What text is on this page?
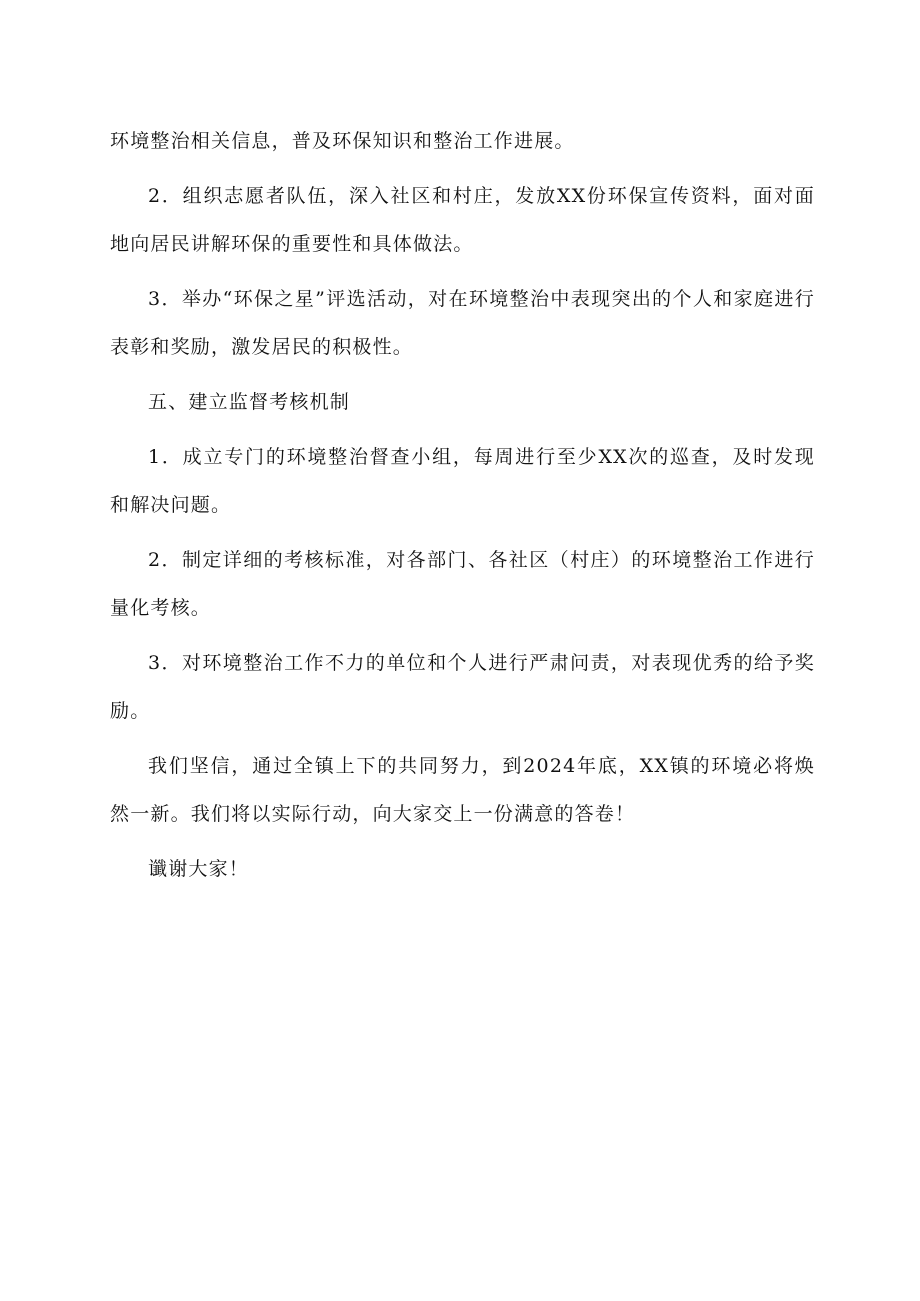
环境整治相关信息，普及环保知识和整治工作进展。

2．组织志愿者队伍，深入社区和村庄，发放XX份环保宣传资料，面对面地向居民讲解环保的重要性和具体做法。

3．举办“环保之星”评选活动，对在环境整治中表现突出的个人和家庭进行表彰和奖励，激发居民的积极性。

五、建立监督考核机制

1．成立专门的环境整治督查小组，每周进行至少XX次的巡查，及时发现和解决问题。

2．制定详细的考核标准，对各部门、各社区（村庄）的环境整治工作进行量化考核。

3．对环境整治工作不力的单位和个人进行严肃问责，对表现优秀的给予奖励。

我们坚信，通过全镇上下的共同努力，到2024年底，XX镇的环境必将焕然一新。我们将以实际行动，向大家交上一份满意的答卷！

谶谢大家！
